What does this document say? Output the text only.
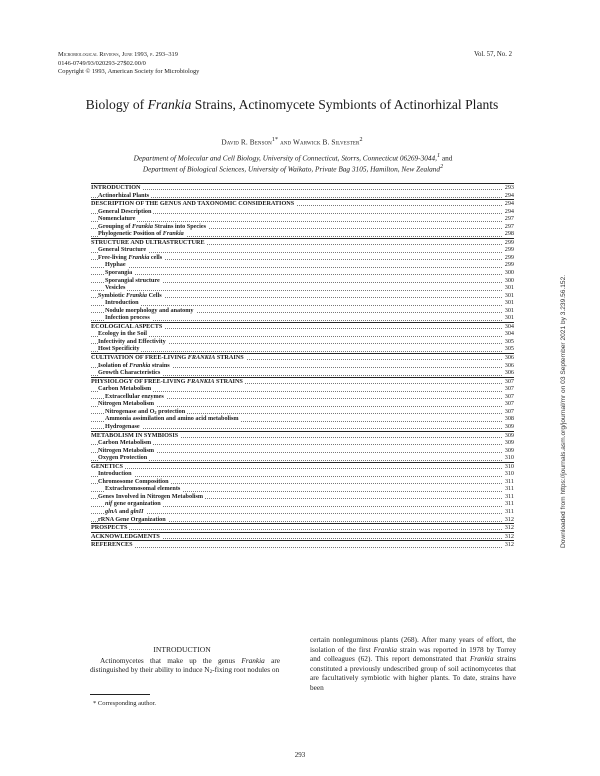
Microbiological Reviews, June 1993, p. 293–319
0146-0749/93/020293-27$02.00/0
Copyright © 1993, American Society for Microbiology
Vol. 57, No. 2
Biology of Frankia Strains, Actinomycete Symbionts of Actinorhizal Plants
David R. Benson$^{1*}$ and Warwick B. Silvester$^2$
Department of Molecular and Cell Biology, University of Connecticut, Storrs, Connecticut 06269-3044,$^1$ and
Department of Biological Sciences, University of Waikato, Private Bag 3105, Hamilton, New Zealand$^2$
INTRODUCTION	293
Actinorhizal Plants	294
DESCRIPTION OF THE GENUS AND TAXONOMIC CONSIDERATIONS	294
General Description	294
Nomenclature	297
Grouping of Frankia Strains into Species	297
Phylogenetic Position of Frankia	298
STRUCTURE AND ULTRASTRUCTURE	299
General Structure	299
Free-living Frankia cells	299
Hyphae	299
Sporangia	300
Sporangial structure	300
Vesicles	301
Symbiotic Frankia Cells	301
Introduction	301
Nodule morphology and anatomy	301
Infection process	301
ECOLOGICAL ASPECTS	304
Ecology in the Soil	304
Infectivity and Effectivity	305
Host Specificity	305
CULTIVATION OF FREE-LIVING FRANKIA STRAINS	306
Isolation of Frankia strains	306
Growth Characteristics	306
PHYSIOLOGY OF FREE-LIVING FRANKIA STRAINS	307
Carbon Metabolism	307
Extracellular enzymes	307
Nitrogen Metabolism	307
Nitrogenase and $O_2$ protection	307
Ammonia assimilation and amino acid metabolism	308
Hydrogenase	309
METABOLISM IN SYMBIOSIS	309
Carbon Metabolism	309
Nitrogen Metabolism	309
Oxygen Protection	310
GENETICS	310
Introduction	310
Chromosome Composition	311
Extrachromosomal elements	311
Genes Involved in Nitrogen Metabolism	311
nif gene organization	311
glnA and glnII	311
rRNA Gene Organization	312
PROSPECTS	312
ACKNOWLEDGMENTS	312
REFERENCES	312
INTRODUCTION
Actinomycetes that make up the genus Frankia are distinguished by their ability to induce $N_2$-fixing root nodules on
certain nonleguminous plants (268). After many years of effort, the isolation of the first Frankia strain was reported in 1978 by Torrey and colleagues (62). This report demonstrated that Frankia strains constituted a previously undescribed group of soil actinomycetes that are facultatively symbiotic with higher plants. To date, strains have been
* Corresponding author.
293
Downloaded from https://journals.asm.org/journal/mr on 03 September 2021 by 3.239.56.152.
